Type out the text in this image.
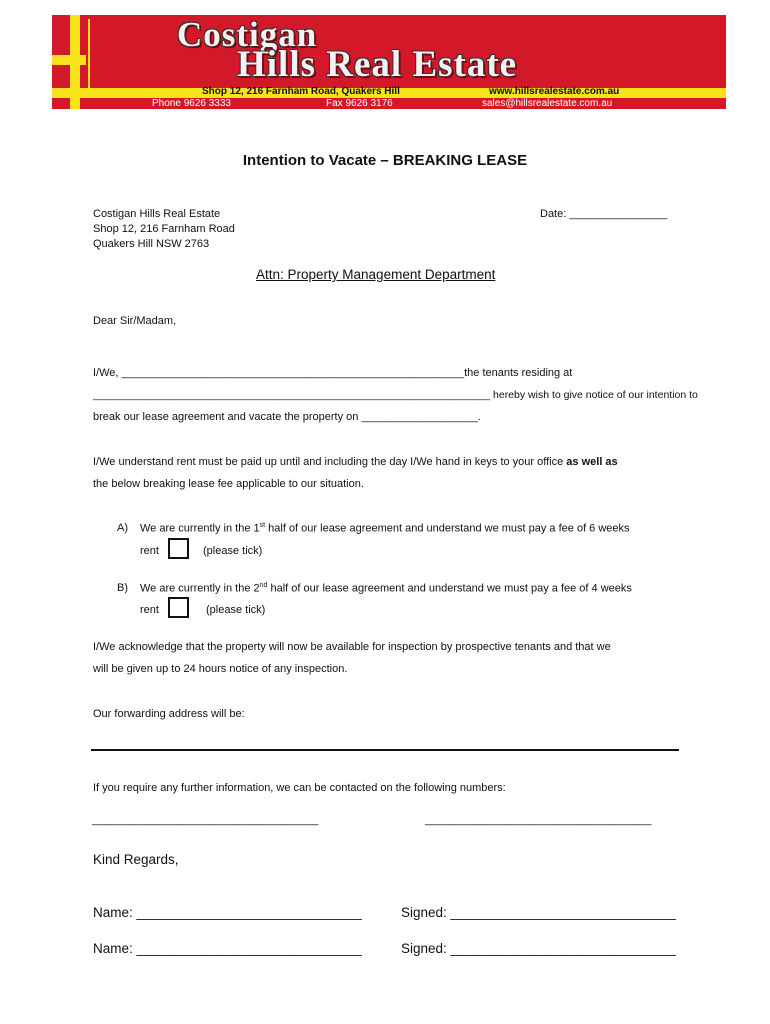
Costigan
Hills Real Estate
Shop 12, 216 Farnham Road, Quakers Hill	www.hillsrealestate.com.au
Phone 9626 3333	Fax 9626 3176	sales@hillsrealestate.com.au
Intention to Vacate – BREAKING LEASE
Costigan Hills Real Estate
Shop 12, 216 Farnham Road
Quakers Hill NSW 2763
Date: ________________
Attn: Property Management Department
Dear Sir/Madam,
I/We, ________________________________________________________the tenants residing at
____________________________________________________________________ hereby wish to give notice of our intention to
break our lease agreement and vacate the property on ___________________.
I/We understand rent must be paid up until and including the day I/We hand in keys to your office as well as
the below breaking lease fee applicable to our situation.
A) We are currently in the 1st half of our lease agreement and understand we must pay a fee of 6 weeks
rent	(please tick)
B) We are currently in the 2nd half of our lease agreement and understand we must pay a fee of 4 weeks
rent	(please tick)
I/We acknowledge that the property will now be available for inspection by prospective tenants and that we
will be given up to 24 hours notice of any inspection.
Our forwarding address will be:
If you require any further information, we can be contacted on the following numbers:
_____________________________________	_____________________________________
Kind Regards,
Name: ______________________________	Signed: ______________________________
Name: ______________________________	Signed: ______________________________
